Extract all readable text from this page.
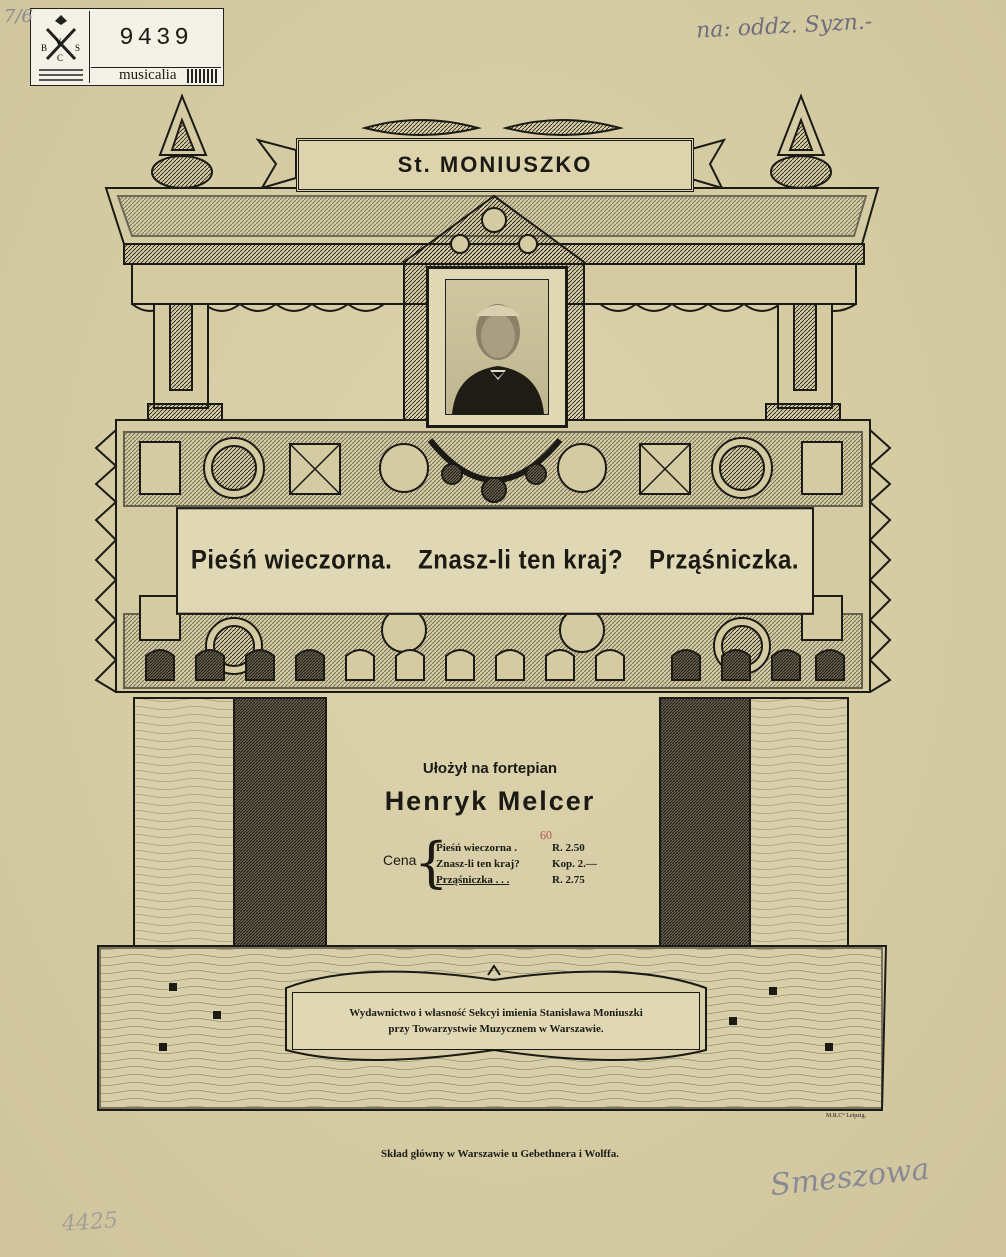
V
B	S
C
9439
musicalia
7/6	na: oddz. Syzn.-
St. MONIUSZKO
Pieśń wieczorna. Znasz-li ten kraj? Prząśniczka.
Ułożył na fortepian
Henryk Melcer
Cena
{	60
Pieśń wieczorna .	R. 2.50
Znasz-li ten kraj?	Kop. 2.—
Prząśniczka . . .	R. 2.75
Wydawnictwo i własność Sekcyi imienia Stanisława Moniuszki
przy Towarzystwie Muzycznem w Warszawie.
M.R.C° Leipzig.
Skład główny w Warszawie u Gebethnera i Wolffa.	Smeszowa
4425
